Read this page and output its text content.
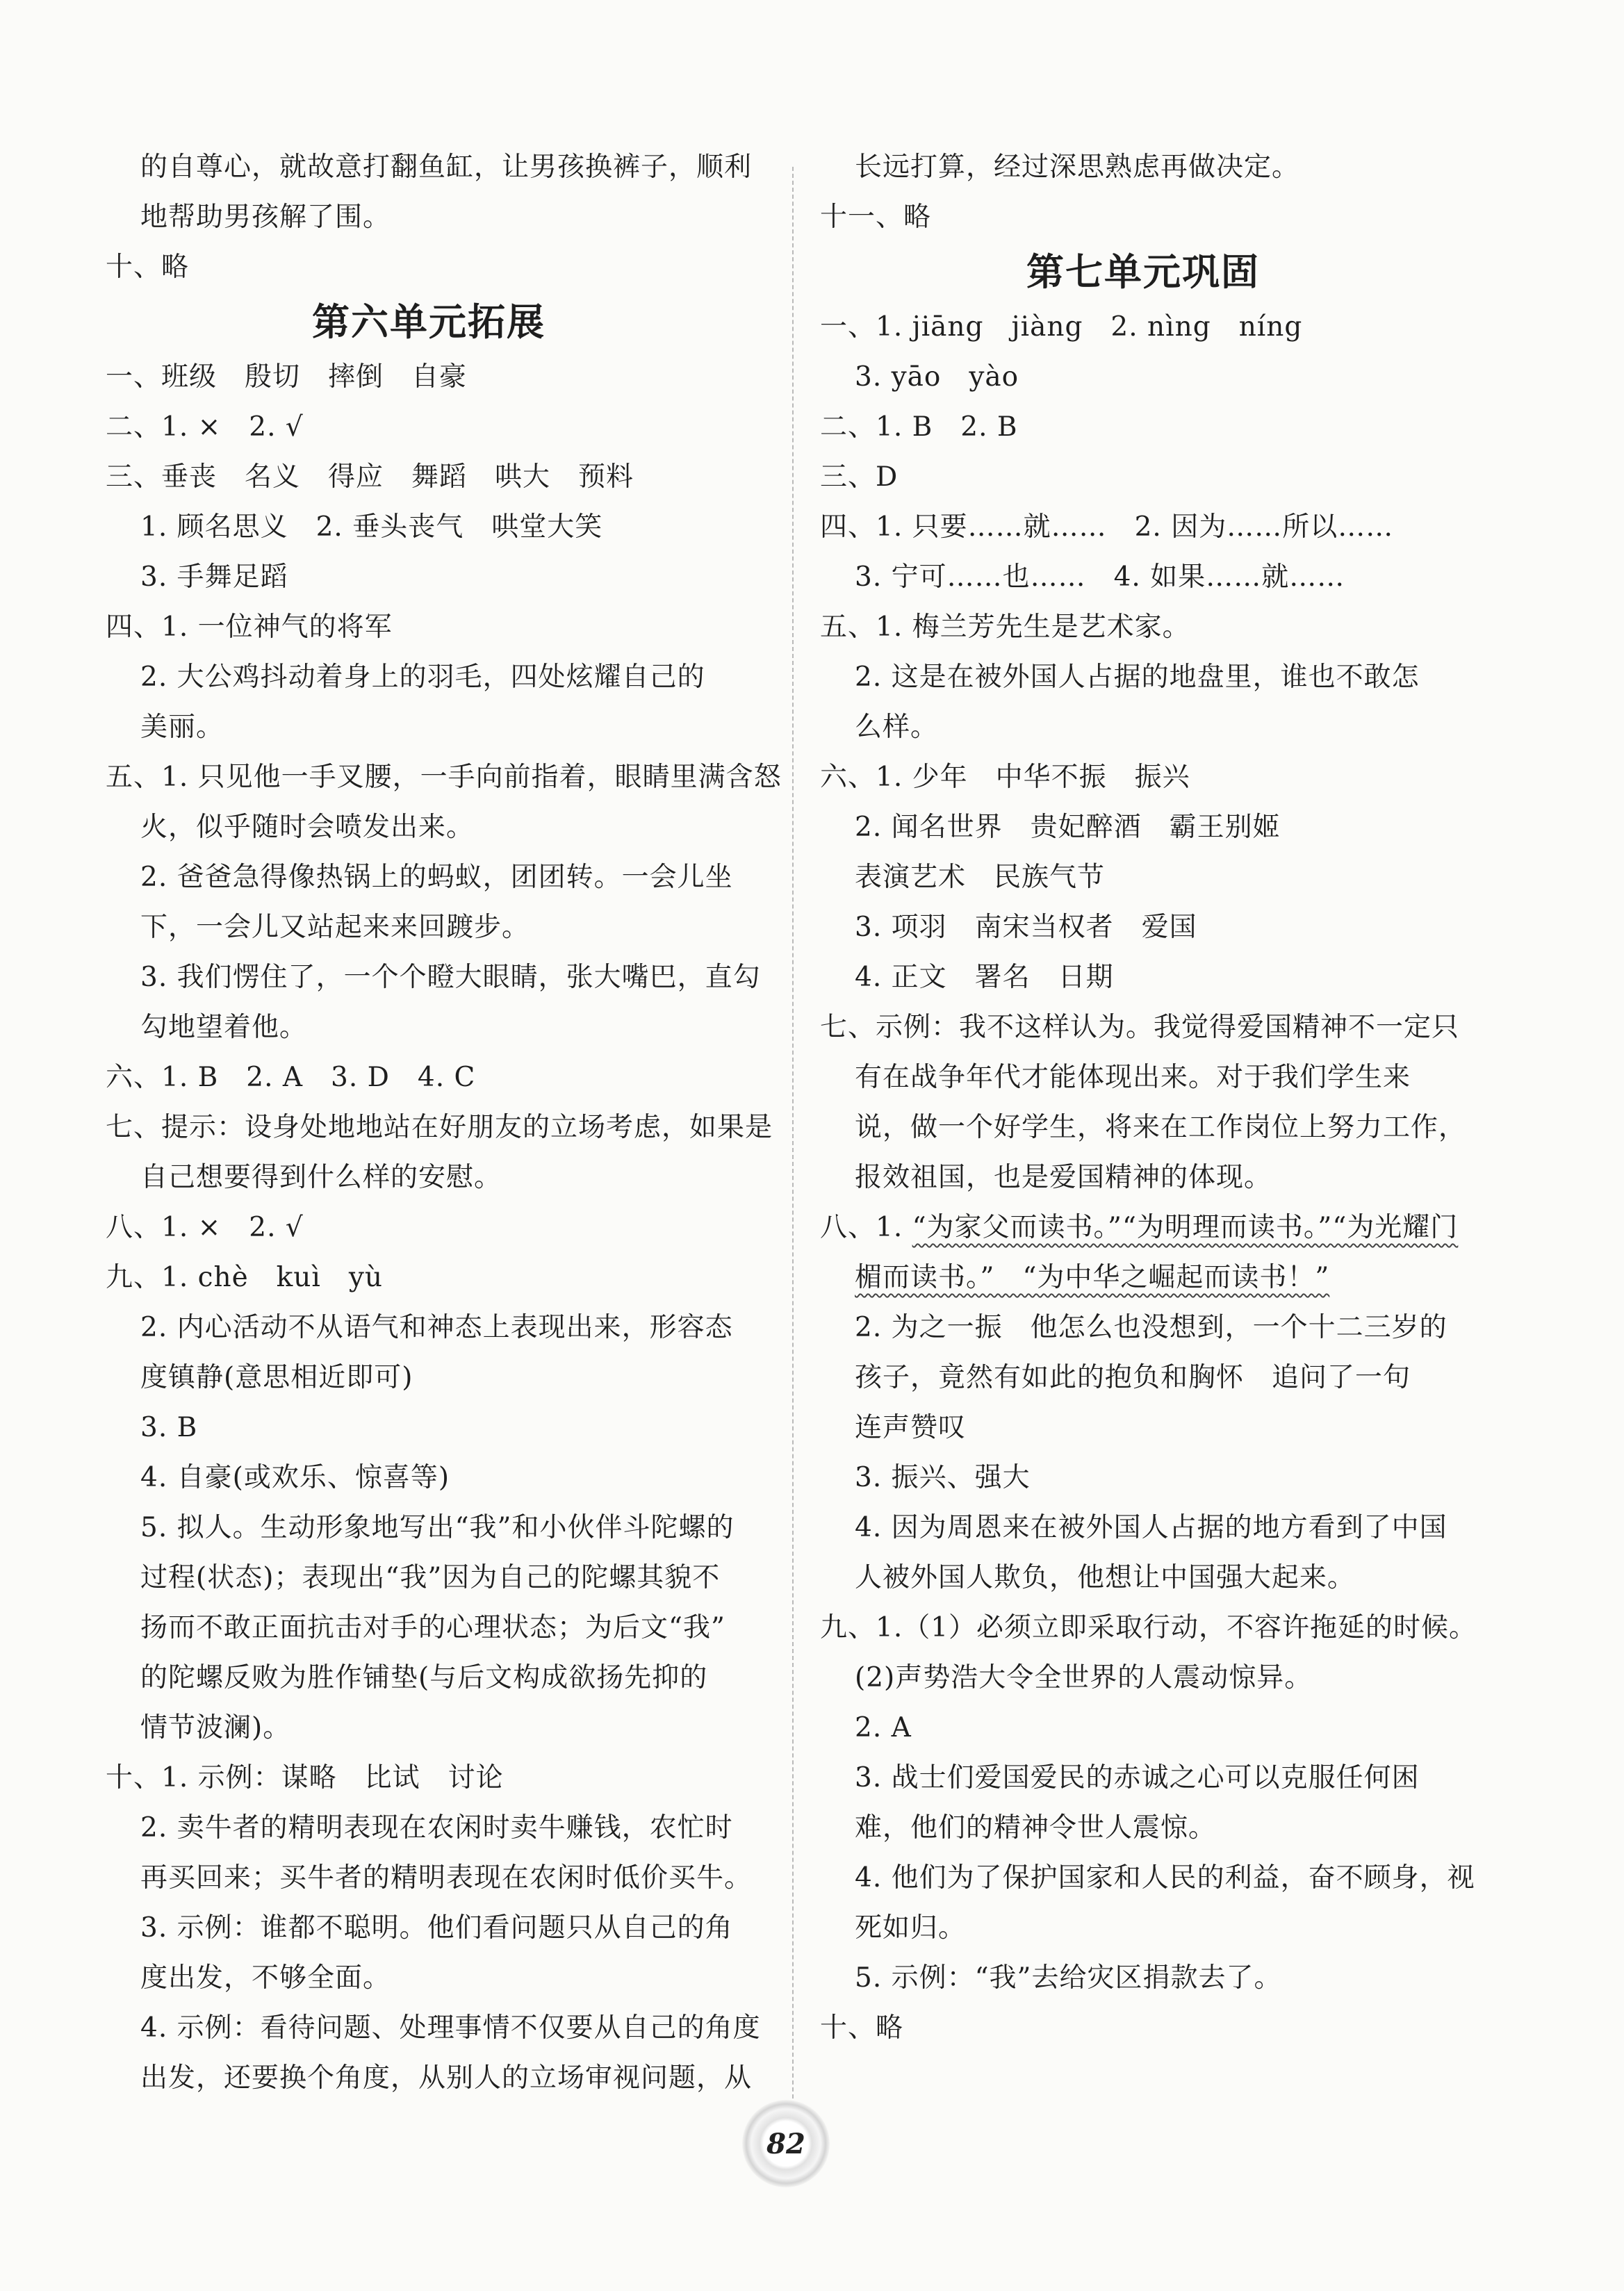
的自尊心，就故意打翻鱼缸，让男孩换裤子，顺利
地帮助男孩解了围。
十、略
第六单元拓展
一、班级　殷切　摔倒　自豪
二、1. ×　2. √
三、垂丧　名义　得应　舞蹈　哄大　预料
1. 顾名思义　2. 垂头丧气　哄堂大笑
3. 手舞足蹈
四、1. 一位神气的将军
2. 大公鸡抖动着身上的羽毛，四处炫耀自己的
美丽。
五、1. 只见他一手叉腰，一手向前指着，眼睛里满含怒
火，似乎随时会喷发出来。
2. 爸爸急得像热锅上的蚂蚁，团团转。一会儿坐
下，一会儿又站起来来回踱步。
3. 我们愣住了，一个个瞪大眼睛，张大嘴巴，直勾
勾地望着他。
六、1. B　2. A　3. D　4. C
七、提示：设身处地地站在好朋友的立场考虑，如果是
自己想要得到什么样的安慰。
八、1. ×　2. √
九、1. chè　kuì　yù
2. 内心活动不从语气和神态上表现出来，形容态
度镇静(意思相近即可)
3. B
4. 自豪(或欢乐、惊喜等)
5. 拟人。生动形象地写出“我”和小伙伴斗陀螺的
过程(状态)；表现出“我”因为自己的陀螺其貌不
扬而不敢正面抗击对手的心理状态；为后文“我”
的陀螺反败为胜作铺垫(与后文构成欲扬先抑的
情节波澜)。
十、1. 示例：谋略　比试　讨论
2. 卖牛者的精明表现在农闲时卖牛赚钱，农忙时
再买回来；买牛者的精明表现在农闲时低价买牛。
3. 示例：谁都不聪明。他们看问题只从自己的角
度出发，不够全面。
4. 示例：看待问题、处理事情不仅要从自己的角度
出发，还要换个角度，从别人的立场审视问题，从
长远打算，经过深思熟虑再做决定。
十一、略
第七单元巩固
一、1. jiāng　jiàng　2. nìng　níng
3. yāo　yào
二、1. B　2. B
三、D
四、1. 只要……就……　2. 因为……所以……
3. 宁可……也……　4. 如果……就……
五、1. 梅兰芳先生是艺术家。
2. 这是在被外国人占据的地盘里，谁也不敢怎
么样。
六、1. 少年　中华不振　振兴
2. 闻名世界　贵妃醉酒　霸王别姬
表演艺术　民族气节
3. 项羽　南宋当权者　爱国
4. 正文　署名　日期
七、示例：我不这样认为。我觉得爱国精神不一定只
有在战争年代才能体现出来。对于我们学生来
说，做一个好学生，将来在工作岗位上努力工作，
报效祖国，也是爱国精神的体现。
八、1. “为家父而读书。”“为明理而读书。”“为光耀门
楣而读书。”　“为中华之崛起而读书！”
2. 为之一振　他怎么也没想到，一个十二三岁的
孩子，竟然有如此的抱负和胸怀　追问了一句
连声赞叹
3. 振兴、强大
4. 因为周恩来在被外国人占据的地方看到了中国
人被外国人欺负，他想让中国强大起来。
九、1.（1）必须立即采取行动，不容许拖延的时候。
(2)声势浩大令全世界的人震动惊异。
2. A
3. 战士们爱国爱民的赤诚之心可以克服任何困
难，他们的精神令世人震惊。
4. 他们为了保护国家和人民的利益，奋不顾身，视
死如归。
5. 示例：“我”去给灾区捐款去了。
十、略
82
